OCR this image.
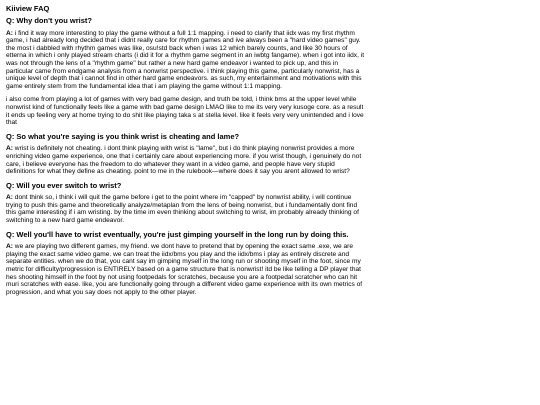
Kiiview FAQ
Q: Why don't you wrist?
A: i find it way more interesting to play the game without a full 1:1 mapping. i need to clarify that iidx was my first rhythm game, i had already long decided that i didnt really care for rhythm games and ive always been a "hard video games" guy. the most i dabbled with rhythm games was like, osu!std back when i was 12 which barely counts, and like 30 hours of etterna in which i only played stream charts (i did it for a rhythm game segment in an iwbtg fangame). when i got into iidx, it was not through the lens of a "rhythm game" but rather a new hard game endeavor i wanted to pick up, and this in particular came from endgame analysis from a nonwrist perspective. i think playing this game, particularly nonwrist, has a unique level of depth that i cannot find in other hard game endeavors. as such, my entertainment and motivations with this game entirely stem from the fundamental idea that i am playing the game without 1:1 mapping.
i also come from playing a lot of games with very bad game design, and truth be told, i think bms at the upper level while nonwrist kind of functionally feels like a game with bad game design LMAO like to me its very very kusoge core. as a result it ends up feeling very at home trying to do shit like playing taka s at stella level. like it feels very very unintended and i love that
Q: So what you're saying is you think wrist is cheating and lame?
A: wrist is definitely not cheating. i dont think playing with wrist is "lame", but i do think playing nonwrist provides a more enriching video game experience, one that i certainly care about experiencing more. if you wrist though, i genuinely do not care, i believe everyone has the freedom to do whatever they want in a video game, and people have very stupid definitions for what they define as cheating. point to me in the rulebook—where does it say you arent allowed to wrist?
Q: Will you ever switch to wrist?
A: dont think so, i think i will quit the game before i get to the point where im "capped" by nonwrist ability, i will continue trying to push this game and theoretically analyze/metaplan from the lens of being nonwrist, but i fundamentally dont find this game interesting if i am wristing. by the time im even thinking about switching to wrist, im probably already thinking of switching to a new hard game endeavor.
Q: Well you'll have to wrist eventually, you're just gimping yourself in the long run by doing this.
A: we are playing two different games, my friend. we dont have to pretend that by opening the exact same .exe, we are playing the exact same video game. we can treat the iidx/bms you play and the iidx/bms i play as entirely discrete and separate entities. when we do that, you cant say im gimping myself in the long run or shooting myself in the foot, since my metric for difficulty/progression is ENTIRELY based on a game structure that is nonwrist! itd be like telling a DP player that hes shooting himself in the foot by not using footpedals for scratches, because you are a footpedal scratcher who can hit muri scratches with ease. like, you are functionally going through a different video game experience with its own metrics of progression, and what you say does not apply to the other player.
